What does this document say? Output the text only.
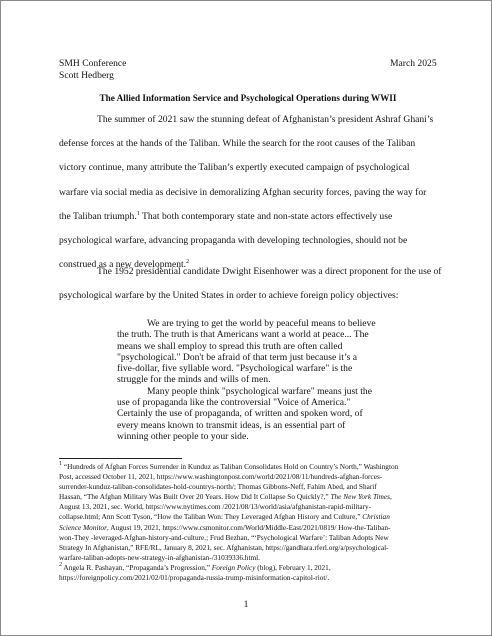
SMH Conference
Scott Hedberg
March 2025
The Allied Information Service and Psychological Operations during WWII
The summer of 2021 saw the stunning defeat of Afghanistan’s president Ashraf Ghani’s
defense forces at the hands of the Taliban. While the search for the root causes of the Taliban
victory continue, many attribute the Taliban’s expertly executed campaign of psychological
warfare via social media as decisive in demoralizing Afghan security forces, paving the way for
the Taliban triumph.$^1$ That both contemporary state and non-state actors effectively use
psychological warfare, advancing propaganda with developing technologies, should not be
construed as a new development.$^2$
The 1952 presidential candidate Dwight Eisenhower was a direct proponent for the use of
psychological warfare by the United States in order to achieve foreign policy objectives:
We are trying to get the world by peaceful means to believe
the truth. The truth is that Americans want a world at peace... The
means we shall employ to spread this truth are often called
"psychological." Don't be afraid of that term just because it’s a
five-dollar, five syllable word. "Psychological warfare" is the
struggle for the minds and wills of men.
Many people think "psychological warfare" means just the
use of propaganda like the controversial "Voice of America."
Certainly the use of propaganda, of written and spoken word, of
every means known to transmit ideas, is an essential part of
winning other people to your side.
$^1$ “Hundreds of Afghan Forces Surrender in Kunduz as Taliban Consolidates Hold on Country’s North,” Washington
Post, accessed October 11, 2021, https://www.washingtonpost.com/world/2021/08/11/hundreds-afghan-forces-
surrender-kunduz-taliban-consolidates-hold-countrys-north/; Thomas Gibbons-Neff, Fahim Abed, and Sharif
Hassan, “The Afghan Military Was Built Over 20 Years. How Did It Collapse So Quickly?,” The New York Times,
August 13, 2021, sec. World, https://www.nytimes.com /2021/08/13/world/asia/afghanistan-rapid-military-
collapse.html; Ann Scott Tyson, “How the Taliban Won: They Leveraged Afghan History and Culture,” Christian
Science Monitor, August 19, 2021, https://www.csmonitor.com/World/Middle-East/2021/0819/ How-the-Taliban-
won-They -leveraged-Afghan-history-and-culture.; Frud Bezhan, “‘Psychological Warfare’: Taliban Adopts New
Strategy In Afghanistan,” RFE/RL, January 8, 2021, sec. Afghanistan, https://gandhara.rferl.org/a/psychological-
warfare-taliban-adopts-new-strategy-in-afghanistan-/31039336.html.
$^2$ Angela R. Pashayan, “Propaganda’s Progression,” Foreign Policy (blog), February 1, 2021,
https://foreignpolicy.com/2021/02/01/propaganda-russia-trump-misinformation-capitol-riot/.
1
